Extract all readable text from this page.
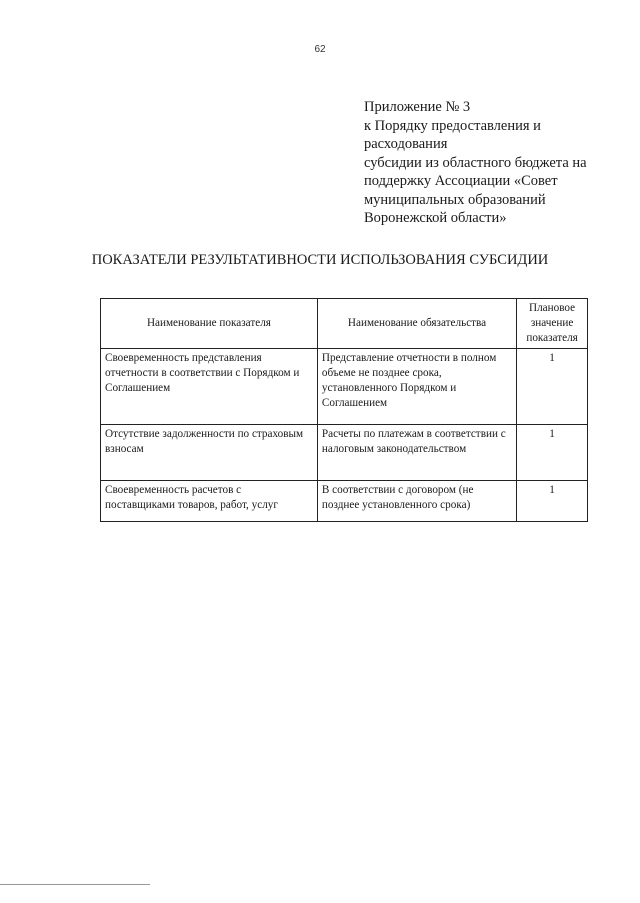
62
Приложение № 3
к Порядку предоставления и
расходования
субсидии из областного бюджета на
поддержку Ассоциации «Совет
муниципальных образований
Воронежской области»
ПОКАЗАТЕЛИ РЕЗУЛЬТАТИВНОСТИ ИСПОЛЬЗОВАНИЯ СУБСИДИИ
Наименование показателя	Наименование обязательства	Плановое значение показателя
Своевременность представления отчетности в соответствии с Порядком и Соглашением	Представление отчетности в полном объеме не позднее срока, установленного Порядком и Соглашением	1
Отсутствие задолженности по страховым взносам	Расчеты по платежам в соответствии с налоговым законодательством	1
Своевременность расчетов с поставщиками товаров, работ, услуг	В соответствии с договором (не позднее установленного срока)	1
